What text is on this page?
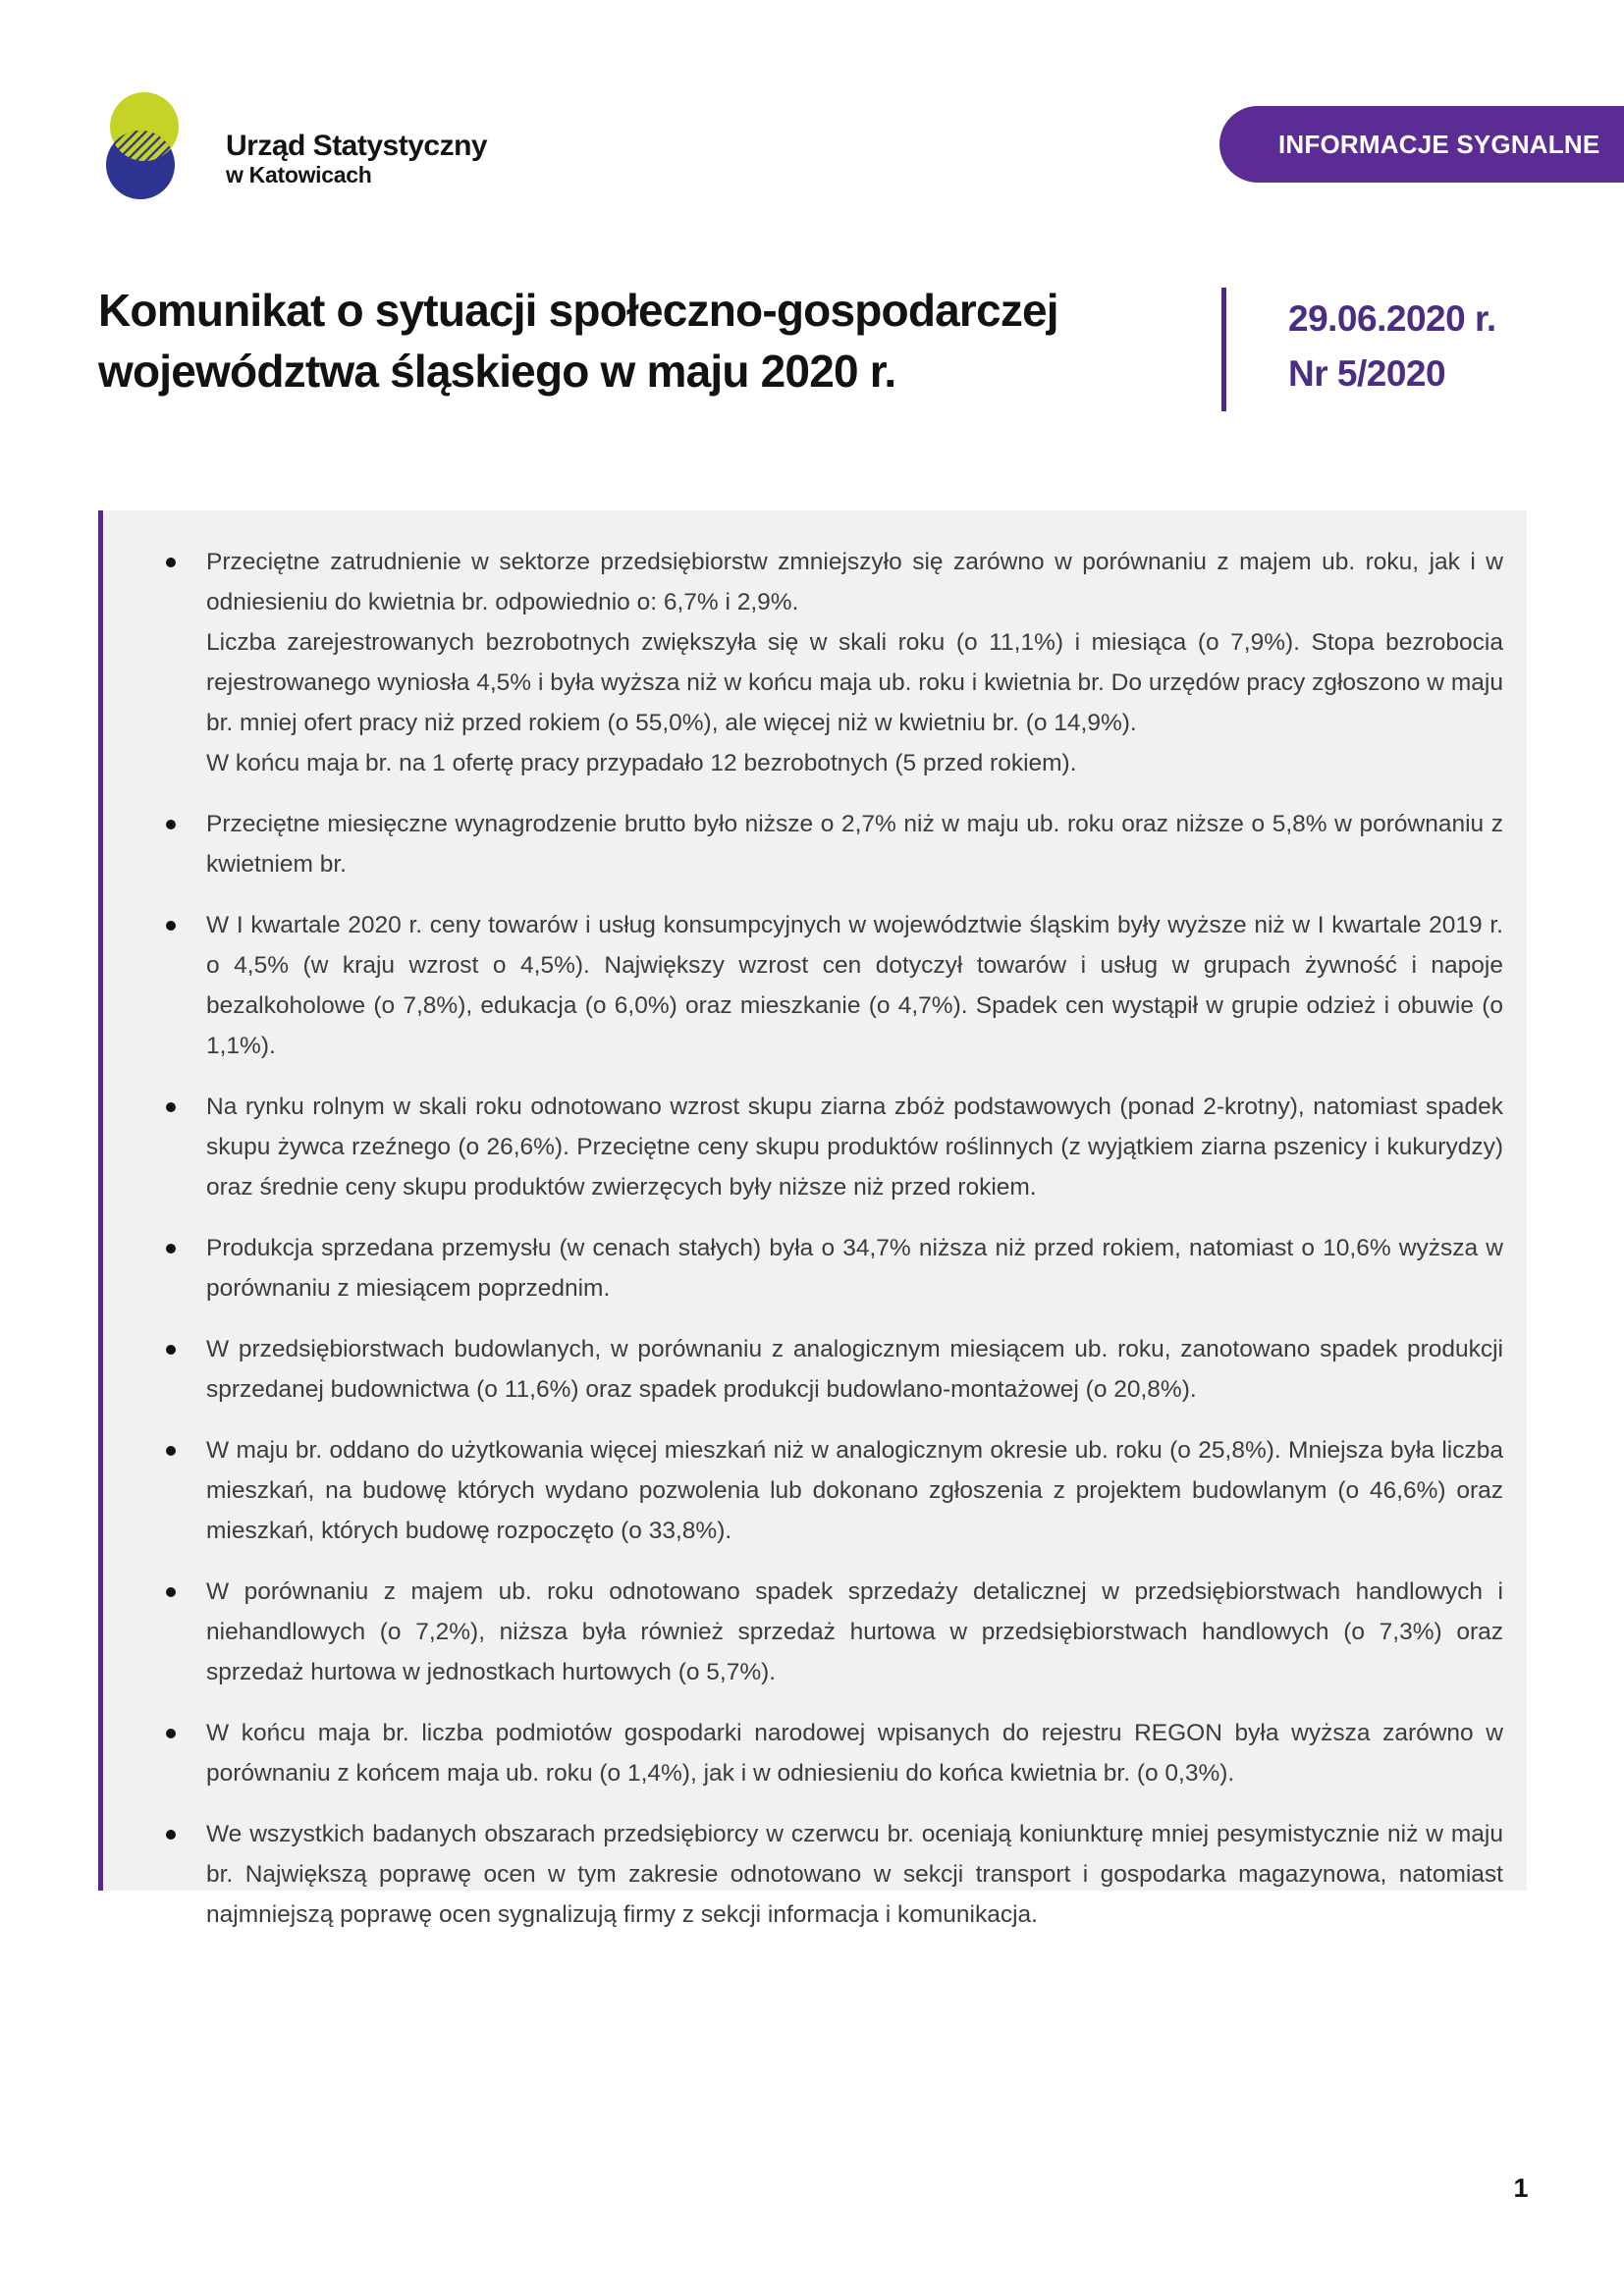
Urząd Statystyczny
w Katowicach
INFORMACJE SYGNALNE
Komunikat o sytuacji społeczno-gospodarczej
województwa śląskiego w maju 2020 r.
29.06.2020 r.
Nr 5/2020
Przeciętne zatrudnienie w sektorze przedsiębiorstw zmniejszyło się zarówno w porównaniu z majem ub. roku, jak i w odniesieniu do kwietnia br. odpowiednio o: 6,7% i 2,9%.
Liczba zarejestrowanych bezrobotnych zwiększyła się w skali roku (o 11,1%) i miesiąca (o 7,9%). Stopa bezrobocia rejestrowanego wyniosła 4,5% i była wyższa niż w końcu maja ub. roku i kwietnia br. Do urzędów pracy zgłoszono w maju br. mniej ofert pracy niż przed rokiem (o 55,0%), ale więcej niż w kwietniu br. (o 14,9%).
W końcu maja br. na 1 ofertę pracy przypadało 12 bezrobotnych (5 przed rokiem).
Przeciętne miesięczne wynagrodzenie brutto było niższe o 2,7% niż w maju ub. roku oraz niższe o 5,8% w porównaniu z kwietniem br.
W I kwartale 2020 r. ceny towarów i usług konsumpcyjnych w województwie śląskim były wyższe niż w I kwartale 2019 r. o 4,5% (w kraju wzrost o 4,5%). Największy wzrost cen dotyczył towarów i usług w grupach żywność i napoje bezalkoholowe (o 7,8%), edukacja (o 6,0%) oraz mieszkanie (o 4,7%). Spadek cen wystąpił w grupie odzież i obuwie (o 1,1%).
Na rynku rolnym w skali roku odnotowano wzrost skupu ziarna zbóż podstawowych (ponad 2-krotny), natomiast spadek skupu żywca rzeźnego (o 26,6%). Przeciętne ceny skupu produktów roślinnych (z wyjątkiem ziarna pszenicy i kukurydzy) oraz średnie ceny skupu produktów zwierzęcych były niższe niż przed rokiem.
Produkcja sprzedana przemysłu (w cenach stałych) była o 34,7% niższa niż przed rokiem, natomiast o 10,6% wyższa w porównaniu z miesiącem poprzednim.
W przedsiębiorstwach budowlanych, w porównaniu z analogicznym miesiącem ub. roku, zanotowano spadek produkcji sprzedanej budownictwa (o 11,6%) oraz spadek produkcji budowlano-montażowej (o 20,8%).
W maju br. oddano do użytkowania więcej mieszkań niż w analogicznym okresie ub. roku (o 25,8%). Mniejsza była liczba mieszkań, na budowę których wydano pozwolenia lub dokonano zgłoszenia z projektem budowlanym (o 46,6%) oraz mieszkań, których budowę rozpoczęto (o 33,8%).
W porównaniu z majem ub. roku odnotowano spadek sprzedaży detalicznej w przedsiębiorstwach handlowych i niehandlowych (o 7,2%), niższa była również sprzedaż hurtowa w przedsiębiorstwach handlowych (o 7,3%) oraz sprzedaż hurtowa w jednostkach hurtowych (o 5,7%).
W końcu maja br. liczba podmiotów gospodarki narodowej wpisanych do rejestru REGON była wyższa zarówno w porównaniu z końcem maja ub. roku (o 1,4%), jak i w odniesieniu do końca kwietnia br. (o 0,3%).
We wszystkich badanych obszarach przedsiębiorcy w czerwcu br. oceniają koniunkturę mniej pesymistycznie niż w maju br. Największą poprawę ocen w tym zakresie odnotowano w sekcji transport i gospodarka magazynowa, natomiast najmniejszą poprawę ocen sygnalizują firmy z sekcji informacja i komunikacja.
1
